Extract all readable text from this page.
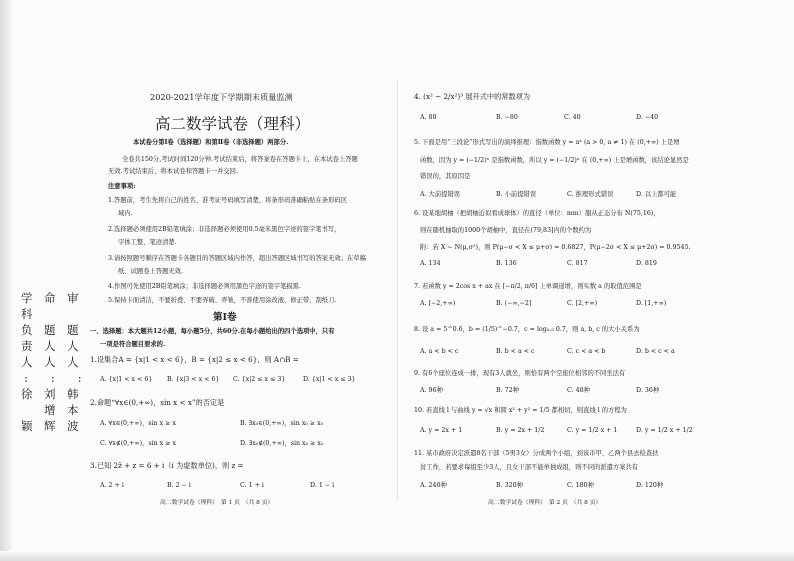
2020-2021学年度下学期期末质量监测
高二数学试卷（理科）
本试卷分第Ⅰ卷（选择题）和第Ⅱ卷（非选择题）两部分.
全卷共150分,考试时间120分钟.考试结束后，将答案卷在答题卡上，在本试卷上答题
无效.考试结束后，将本试卷和答题卡一并交回.
注意事项:
1.答题前，考生先将自己的姓名、准考证号码填写清楚，将条形码准确粘贴在条形码区
域内.
2.选择题必须使用2B铅笔填涂；非选择题必须使用0.5毫米黑色字迹的签字笔书写，
字体工整、笔迹清楚.
3.请按照题号顺序在答题卡各题目的答题区域内作答，超出答题区域书写的答案无效；在草稿
纸、试题卷上答题无效.
4.作图可先使用2B铅笔填涂；非选择题必须用黑色字迹的签字笔描黑.
5.保持卡面清洁，不要折叠、不要弄破、弄皱，不准使用涂改液、修正带、刮纸刀.
第Ⅰ卷
一、选择题：本大题共12小题，每小题5分，共60分.在每小题给出的四个选项中，只有
一项是符合题目要求的.
1.设集合A = {x|1 < x < 6}，B = {x|2 ≤ x < 6}，则 A∩B =
A. {x|1 < x < 6} B. {x|3 < x < 6} C. {x|2 ≤ x ≤ 3}	D. {x|1 < x ≤ 3}
2.命题“∀x∈(0,+∞)，sin x < x”的否定是
A. ∀x∈(0,+∞)，sin x ≥ x	B. ∃x₀∈(0,+∞)，sin x₀ ≥ x₀
C. ∀x∉(0,+∞)，sin x ≥ x	D. ∃x₀∉(0,+∞)，sin x₀ ≥ x₀
3.已知 2z̄ + z = 6 + i（i 为虚数单位)，则 z =
A. 2 + i	B. 2 − i	C. 1 + i	D. 1 − i
高二数学试卷（理科）　第 1 页　（共 8 页）
学　命　审
科
负　题　题
责　人　人
人　人　人
:　　:　　:
徐　刘　韩
　　增　本
颖　辉　波
4. (x² − 2/x²)³ 展开式中的常数项为
A. 80	B. −80	C. 40	D. −40
5. 下面是用“三段论”形式写出的演绎推理：指数函数 y = aˣ (a > 0, a ≠ 1) 在 (0,+∞) 上是增
函数，因为 y = (−1/2)ˣ 是指数函数，所以 y = (−1/2)ˣ 在 (0,+∞) 上是增函数，该结论显然是
错误的，其原因是
A. 大前提错误	B. 小前提错误	C. 推理形式错误	D. 以上都可能
6. 设某地胡柚（把胡柚近似看成球体）的直径（单位：mm）服从正态分布 N(75,16)，
则在随机抽取的1000个胡柚中，直径在(79,83]内的个数约为
附：若 X ~ N(μ,σ²)，则 P(μ−σ < X ≤ μ+σ) = 0.6827，P(μ−2σ < X ≤ μ+2σ) = 0.9545.
A. 134	B. 136	C. 817	D. 819
7. 若函数 y = 2cos x + ax 在 [−π/2, π/6] 上单调递增，则实数 a 的取值范围是
A. [−2,+∞)	B. (−∞,−2]	C. [2,+∞)	D. [1,+∞)
8. 设 a = 5^0.6，b = (1/5)^−0.7，c = log₀.₅ 0.7，则 a, b, c 的大小关系为
A. a < b < c	B. b < a < c	C. c < a < b	D. b < c < a
9. 有6个座位连成一排，现有3人就坐，则恰有两个空座位相邻的不同坐法有
A. 96种	B. 72种	C. 48种	D. 36种
10. 若直线 l 与曲线 y = √x 和圆 x² + y² = 1/5 都相切，则直线 l 的方程为
A. y = 2x + 1	B. y = 2x + 1/2	C. y = 1/2 x + 1	D. y = 1/2 x + 1/2
11. 某市政府决定派遣8名干部（5男3女）分成两个小组，到该市甲、乙两个县去检查扶
贫工作，若要求每组至少3人，且女干部不能单独成组，则不同的派遣方案共有
A. 240种	B. 320种	C. 180种	D. 120种
高二数学试卷（理科）　第 2 页　（共 8 页）
